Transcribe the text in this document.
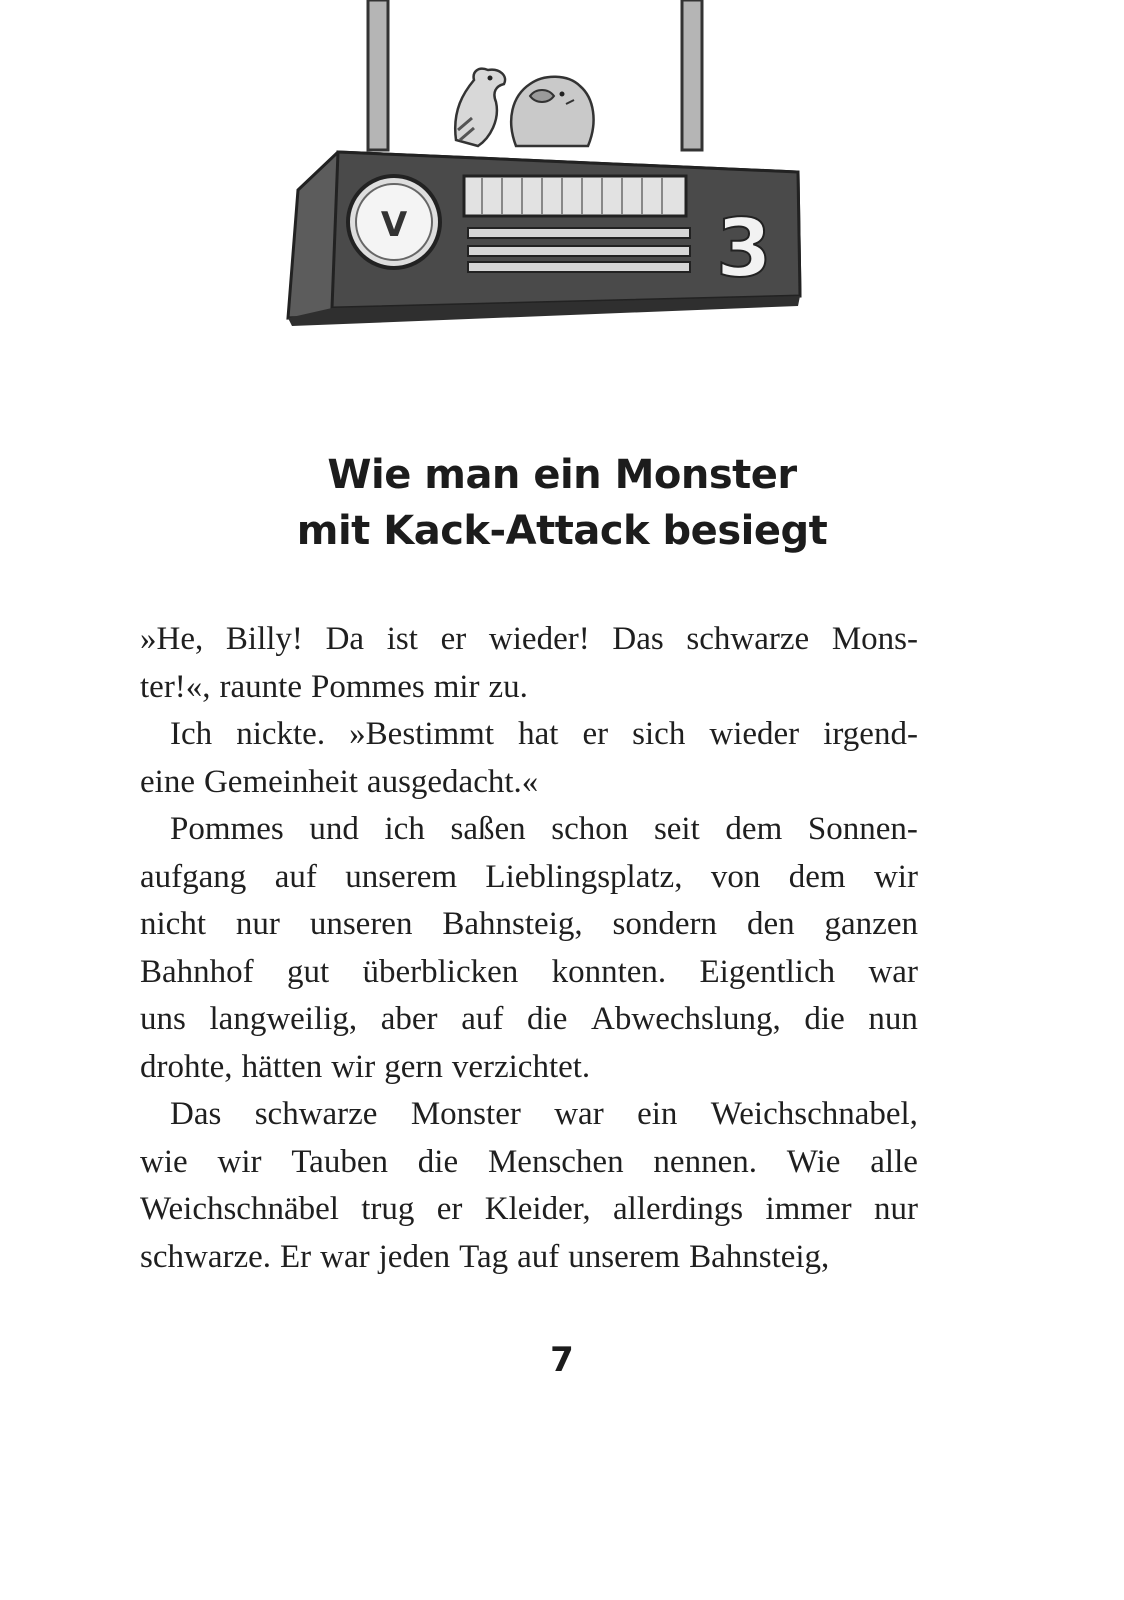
V	3
Wie man ein Monster
mit Kack-Attack besiegt
»He, Billy! Da ist er wieder! Das schwarze Mons-
ter!«, raunte Pommes mir zu.
Ich nickte. »Bestimmt hat er sich wieder irgend-
eine Gemeinheit ausgedacht.«
Pommes und ich saßen schon seit dem Sonnen-
aufgang auf unserem Lieblingsplatz, von dem wir
nicht nur unseren Bahnsteig, sondern den ganzen
Bahnhof gut überblicken konnten. Eigentlich war
uns langweilig, aber auf die Abwechslung, die nun
drohte, hätten wir gern verzichtet.
Das schwarze Monster war ein Weichschnabel,
wie wir Tauben die Menschen nennen. Wie alle
Weichschnäbel trug er Kleider, allerdings immer nur
schwarze. Er war jeden Tag auf unserem Bahnsteig,
7
